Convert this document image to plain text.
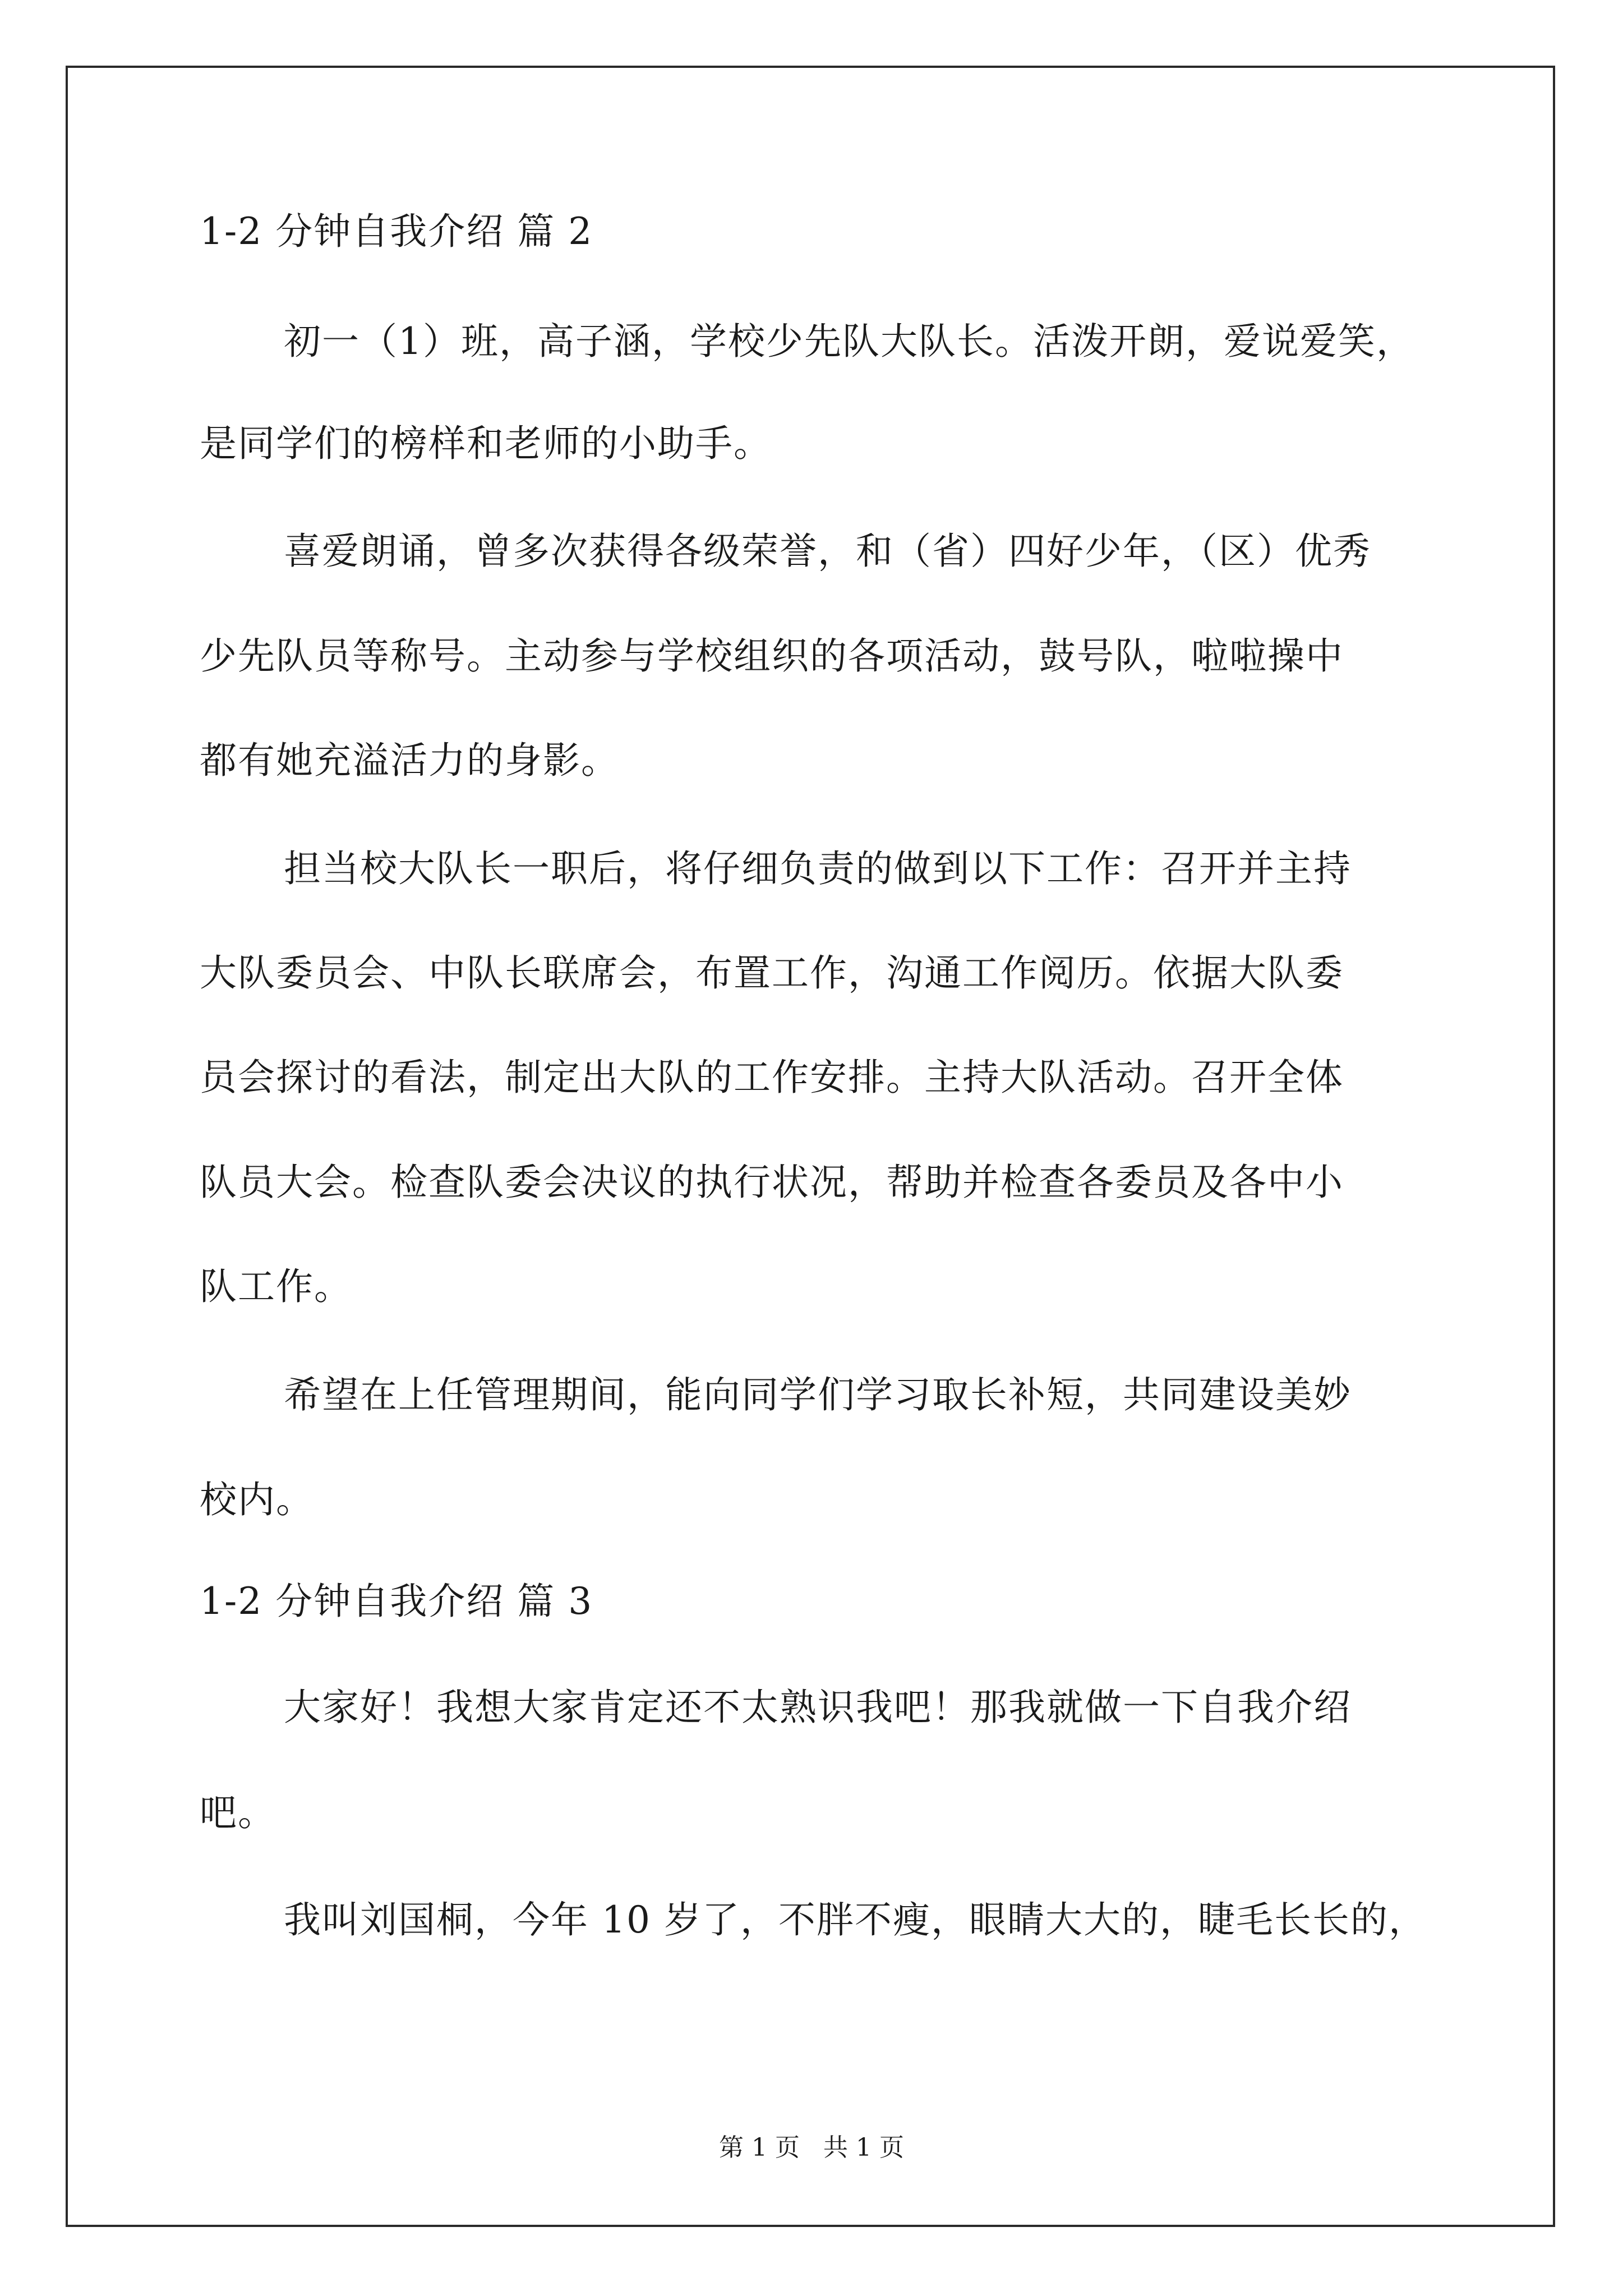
1-2 分钟自我介绍 篇 2
初一（1）班，高子涵，学校少先队大队长。活泼开朗，爱说爱笑，
是同学们的榜样和老师的小助手。
喜爱朗诵，曾多次获得各级荣誉，和（省）四好少年，（区）优秀
少先队员等称号。主动参与学校组织的各项活动，鼓号队，啦啦操中
都有她充溢活力的身影。
担当校大队长一职后，将仔细负责的做到以下工作：召开并主持
大队委员会、中队长联席会，布置工作，沟通工作阅历。依据大队委
员会探讨的看法，制定出大队的工作安排。主持大队活动。召开全体
队员大会。检查队委会决议的执行状况，帮助并检查各委员及各中小
队工作。
希望在上任管理期间，能向同学们学习取长补短，共同建设美妙
校内。
1-2 分钟自我介绍 篇 3
大家好！我想大家肯定还不太熟识我吧！那我就做一下自我介绍
吧。
我叫刘国桐，今年 10 岁了，不胖不瘦，眼睛大大的，睫毛长长的，
第 1 页   共 1 页
